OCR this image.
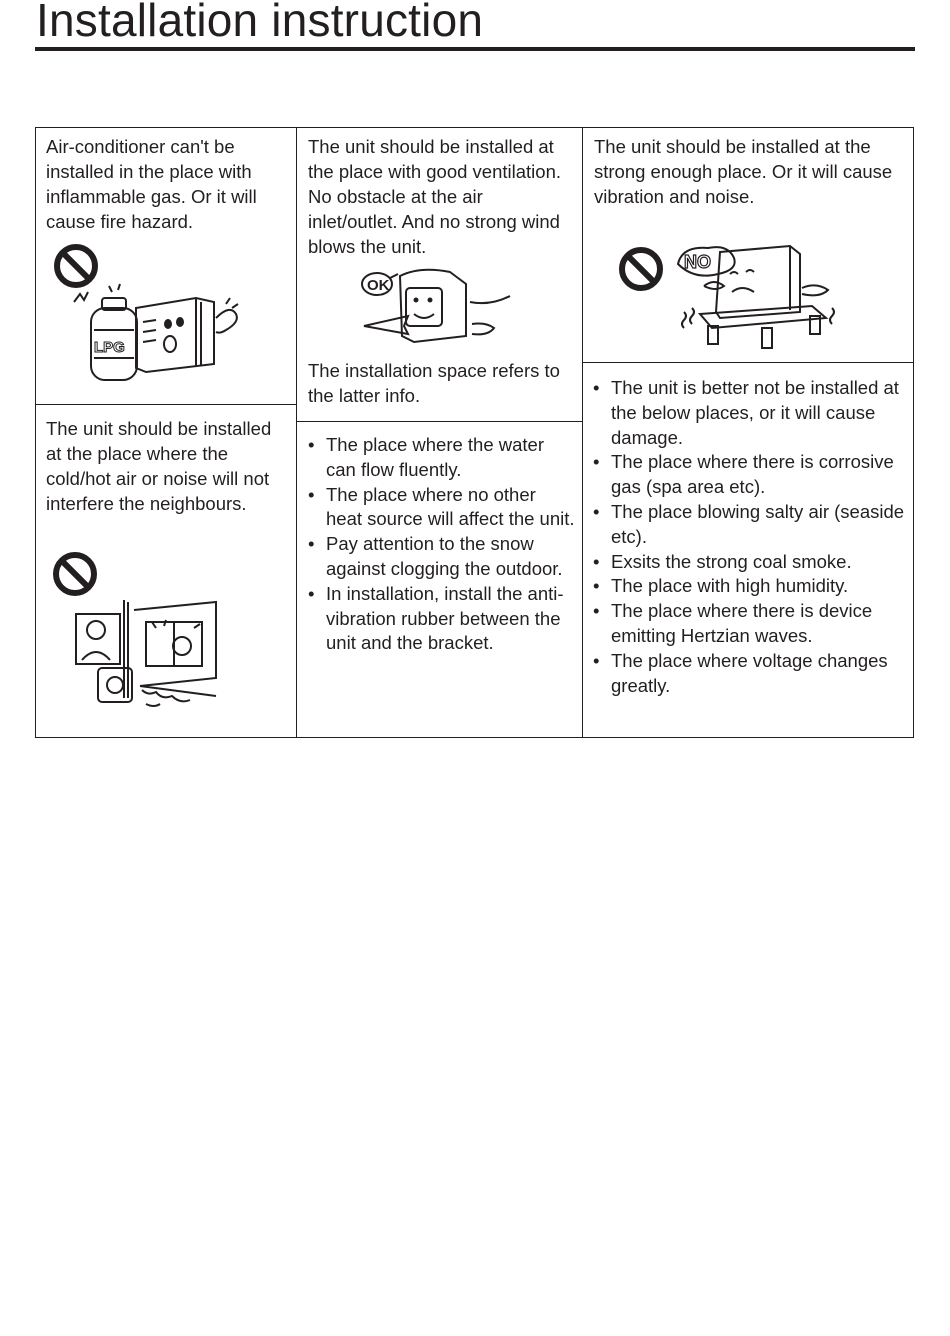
Installation instruction

Air-conditioner can't be installed in the place with inflammable gas. Or it will cause fire hazard.

The unit should be installed at the place with good ventilation. No obstacle at the air inlet/outlet. And no strong wind blows the unit.

The installation space refers to the latter info.

The unit should be installed at the strong enough place. Or it will cause vibration and noise.

The unit should be installed at the place where the cold/hot air or noise will not interfere the neighbours.

• The place where the water can flow fluently.
• The place where no other heat source will affect the unit.
• Pay attention to the snow against clogging the outdoor.
• In installation, install the anti-vibration rubber between the unit and the bracket.
• The unit is better not be installed at the below places, or it will cause damage.
• The place where there is corrosive gas (spa area etc).
• The place blowing salty air (seaside etc).
• Exsits the strong coal smoke.
• The place with high humidity.
• The place where there is device emitting Hertzian waves.
• The place where voltage changes greatly.
LPG
OK
NO
